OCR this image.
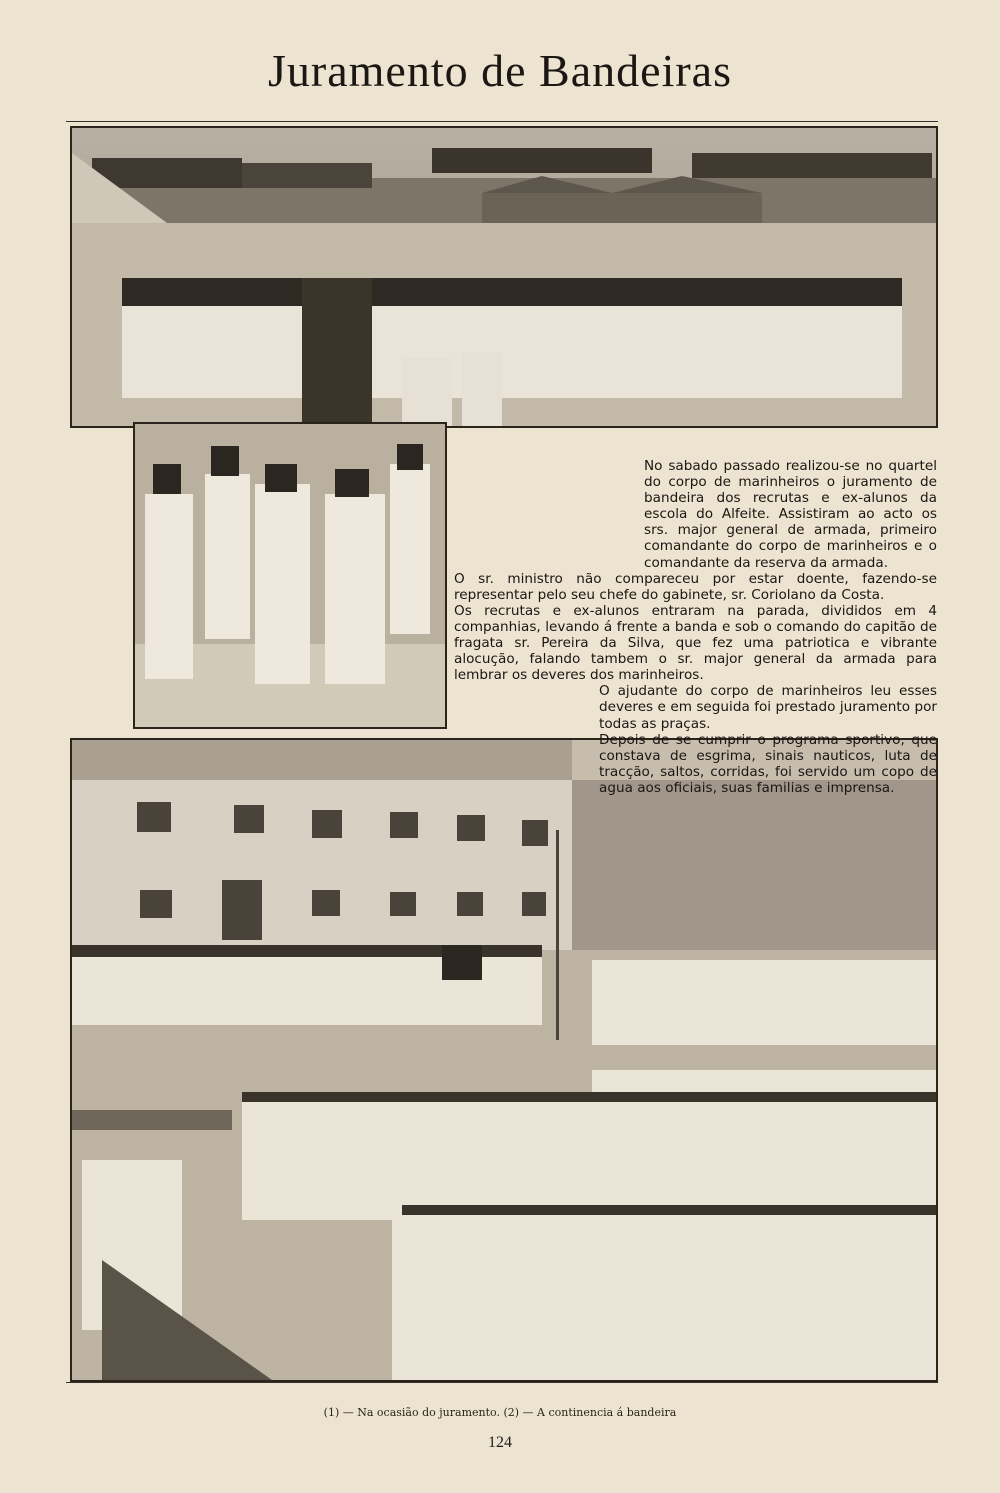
Juramento de Bandeiras

No sabado passado realizou-se no quartel do corpo de marinheiros o juramento de bandeira dos recrutas e ex-alunos da escola do Alfeite. Assistiram ao acto os srs. major general de armada, primeiro comandante do corpo de marinheiros e o comandante da reserva da armada.

O sr. ministro não compareceu por estar doente, fazendo-se representar pelo seu chefe do gabinete, sr. Coriolano da Costa.

Os recrutas e ex-alunos entraram na parada, divididos em 4 companhias, levando á frente a banda e sob o comando do capitão de fragata sr. Pereira da Silva, que fez uma patriotica e vibrante alocução, falando tambem o sr. major general da armada para lembrar os deveres dos marinheiros.

O ajudante do corpo de marinheiros leu esses deveres e em seguida foi prestado juramento por todas as praças.

Depois de se cumprir o programa sportivo, que constava de esgrima, sinais nauticos, luta de tracção, saltos, corridas, foi servido um copo de agua aos oficiais, suas familias e imprensa.

(1) — Na ocasião do juramento. (2) — A continencia á bandeira
124
